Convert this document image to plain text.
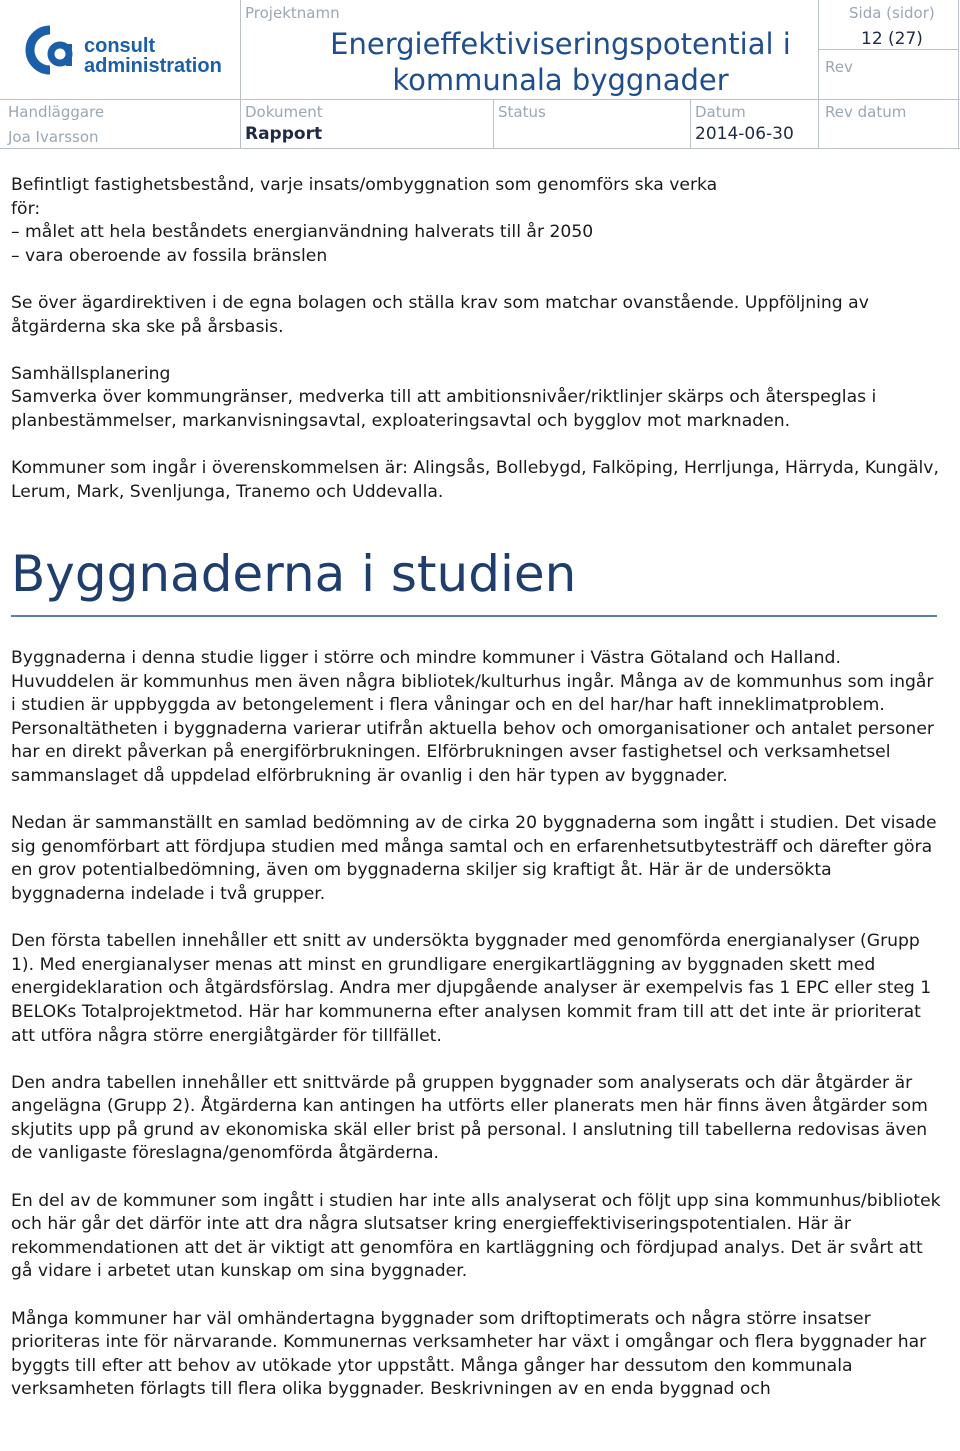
consult
administration
Projektnamn
Energieffektiviseringspotential i
kommunala byggnader
Sida (sidor)
12 (27)
Rev
Handläggare
Joa Ivarsson
Dokument
Rapport
Status	Datum
2014-06-30
Rev datum
Befintligt fastighetsbestånd, varje insats/ombyggnation som genomförs ska verka
för:
– målet att hela beståndets energianvändning halverats till år 2050

– vara oberoende av fossila bränslen

Se över ägardirektiven i de egna bolagen och ställa krav som matchar ovanstående. Uppföljning av åtgärderna ska ske på årsbasis.

Samhällsplanering

Samverka över kommungränser, medverka till att ambitionsnivåer/riktlinjer skärps och återspeglas i planbestämmelser, markanvisningsavtal, exploateringsavtal och bygglov mot marknaden.

Kommuner som ingår i överenskommelsen är: Alingsås, Bollebygd, Falköping, Herrljunga, Härryda, Kungälv, Lerum, Mark, Svenljunga, Tranemo och Uddevalla.

Byggnaderna i studien

Byggnaderna i denna studie ligger i större och mindre kommuner i Västra Götaland och Halland. Huvuddelen är kommunhus men även några bibliotek/kulturhus ingår. Många av de kommunhus som ingår i studien är uppbyggda av betongelement i flera våningar och en del har/har haft inneklimatproblem. Personaltätheten i byggnaderna varierar utifrån aktuella behov och omorganisationer och antalet personer har en direkt påverkan på energiförbrukningen. Elförbrukningen avser fastighetsel och verksamhetsel sammanslaget då uppdelad elförbrukning är ovanlig i den här typen av byggnader.

Nedan är sammanställt en samlad bedömning av de cirka 20 byggnaderna som ingått i studien. Det visade sig genomförbart att fördjupa studien med många samtal och en erfarenhetsutbytesträff och därefter göra en grov potentialbedömning, även om byggnaderna skiljer sig kraftigt åt. Här är de undersökta byggnaderna indelade i två grupper.

Den första tabellen innehåller ett snitt av undersökta byggnader med genomförda energianalyser (Grupp 1). Med energianalyser menas att minst en grundligare energikartläggning av byggnaden skett med energideklaration och åtgärdsförslag. Andra mer djupgående analyser är exempelvis fas 1 EPC eller steg 1 BELOKs Totalprojektmetod. Här har kommunerna efter analysen kommit fram till att det inte är prioriterat att utföra några större energiåtgärder för tillfället.

Den andra tabellen innehåller ett snittvärde på gruppen byggnader som analyserats och där åtgärder är angelägna (Grupp 2). Åtgärderna kan antingen ha utförts eller planerats men här finns även åtgärder som skjutits upp på grund av ekonomiska skäl eller brist på personal. I anslutning till tabellerna redovisas även de vanligaste föreslagna/genomförda åtgärderna.

En del av de kommuner som ingått i studien har inte alls analyserat och följt upp sina kommunhus/bibliotek och här går det därför inte att dra några slutsatser kring energieffektiviseringspotentialen. Här är rekommendationen att det är viktigt att genomföra en kartläggning och fördjupad analys. Det är svårt att gå vidare i arbetet utan kunskap om sina byggnader.

Många kommuner har väl omhändertagna byggnader som driftoptimerats och några större insatser prioriteras inte för närvarande. Kommunernas verksamheter har växt i omgångar och flera byggnader har byggts till efter att behov av utökade ytor uppstått. Många gånger har dessutom den kommunala verksamheten förlagts till flera olika byggnader. Beskrivningen av en enda byggnad och
